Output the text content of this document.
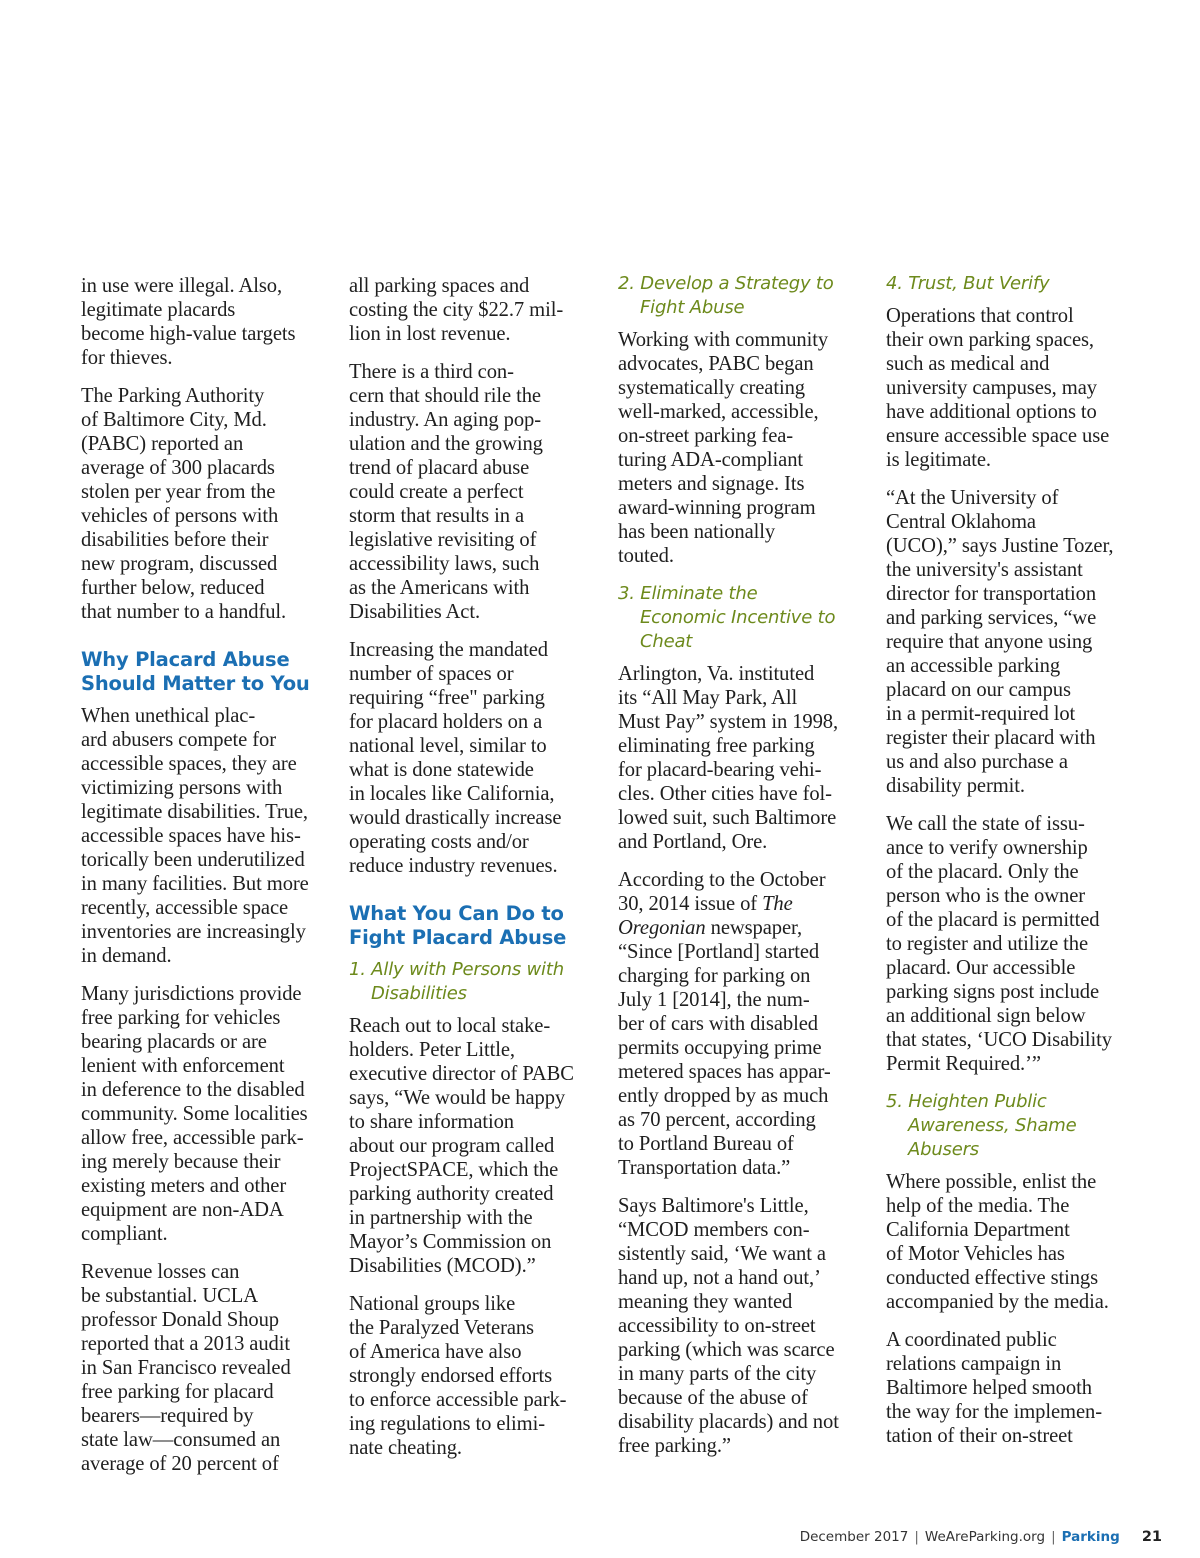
in use were illegal. Also,
legitimate placards
become high-value targets
for thieves.

The Parking Authority
of Baltimore City, Md.
(PABC) reported an
average of 300 placards
stolen per year from the
vehicles of persons with
disabilities before their
new program, discussed
further below, reduced
that number to a handful.

Why Placard Abuse
Should Matter to You

When unethical plac-
ard abusers compete for
accessible spaces, they are
victimizing persons with
legitimate disabilities. True,
accessible spaces have his-
torically been underutilized
in many facilities. But more
recently, accessible space
inventories are increasingly
in demand.

Many jurisdictions provide
free parking for vehicles
bearing placards or are
lenient with enforcement
in deference to the disabled
community. Some localities
allow free, accessible park-
ing merely because their
existing meters and other
equipment are non-ADA
compliant.

Revenue losses can
be substantial. UCLA
professor Donald Shoup
reported that a 2013 audit
in San Francisco revealed
free parking for placard
bearers—required by
state law—consumed an
average of 20 percent of

all parking spaces and
costing the city $22.7 mil-
lion in lost revenue.

There is a third con-
cern that should rile the
industry. An aging pop-
ulation and the growing
trend of placard abuse
could create a perfect
storm that results in a
legislative revisiting of
accessibility laws, such
as the Americans with
Disabilities Act.

Increasing the mandated
number of spaces or
requiring “free" parking
for placard holders on a
national level, similar to
what is done statewide
in locales like California,
would drastically increase
operating costs and/or
reduce industry revenues.

What You Can Do to
Fight Placard Abuse
1. Ally with Persons with
Disabilities

Reach out to local stake-
holders. Peter Little,
executive director of PABC
says, “We would be happy
to share information
about our program called
ProjectSPACE, which the
parking authority created
in partnership with the
Mayor’s Commission on
Disabilities (MCOD).”

National groups like
the Paralyzed Veterans
of America have also
strongly endorsed efforts
to enforce accessible park-
ing regulations to elimi-
nate cheating.

2. Develop a Strategy to
Fight Abuse

Working with community
advocates, PABC began
systematically creating
well-marked, accessible,
on-street parking fea-
turing ADA-compliant
meters and signage. Its
award-winning program
has been nationally
touted.

3. Eliminate the
Economic Incentive to
Cheat

Arlington, Va. instituted
its “All May Park, All
Must Pay” system in 1998,
eliminating free parking
for placard-bearing vehi-
cles. Other cities have fol-
lowed suit, such Baltimore
and Portland, Ore.

According to the October
30, 2014 issue of The
Oregonian newspaper,
“Since [Portland] started
charging for parking on
July 1 [2014], the num-
ber of cars with disabled
permits occupying prime
metered spaces has appar-
ently dropped by as much
as 70 percent, according
to Portland Bureau of
Transportation data.”

Says Baltimore's Little,
“MCOD members con-
sistently said, ‘We want a
hand up, not a hand out,’
meaning they wanted
accessibility to on-street
parking (which was scarce
in many parts of the city
because of the abuse of
disability placards) and not
free parking.”

4. Trust, But Verify

Operations that control
their own parking spaces,
such as medical and
university campuses, may
have additional options to
ensure accessible space use
is legitimate.

“At the University of
Central Oklahoma
(UCO),” says Justine Tozer,
the university's assistant
director for transportation
and parking services, “we
require that anyone using
an accessible parking
placard on our campus
in a permit-required lot
register their placard with
us and also purchase a
disability permit.

We call the state of issu-
ance to verify ownership
of the placard. Only the
person who is the owner
of the placard is permitted
to register and utilize the
placard. Our accessible
parking signs post include
an additional sign below
that states, ‘UCO Disability
Permit Required.’”

5. Heighten Public
Awareness, Shame
Abusers

Where possible, enlist the
help of the media. The
California Department
of Motor Vehicles has
conducted effective stings
accompanied by the media.

A coordinated public
relations campaign in
Baltimore helped smooth
the way for the implemen-
tation of their on-street

December 2017 | WeAreParking.org | Parking 21
